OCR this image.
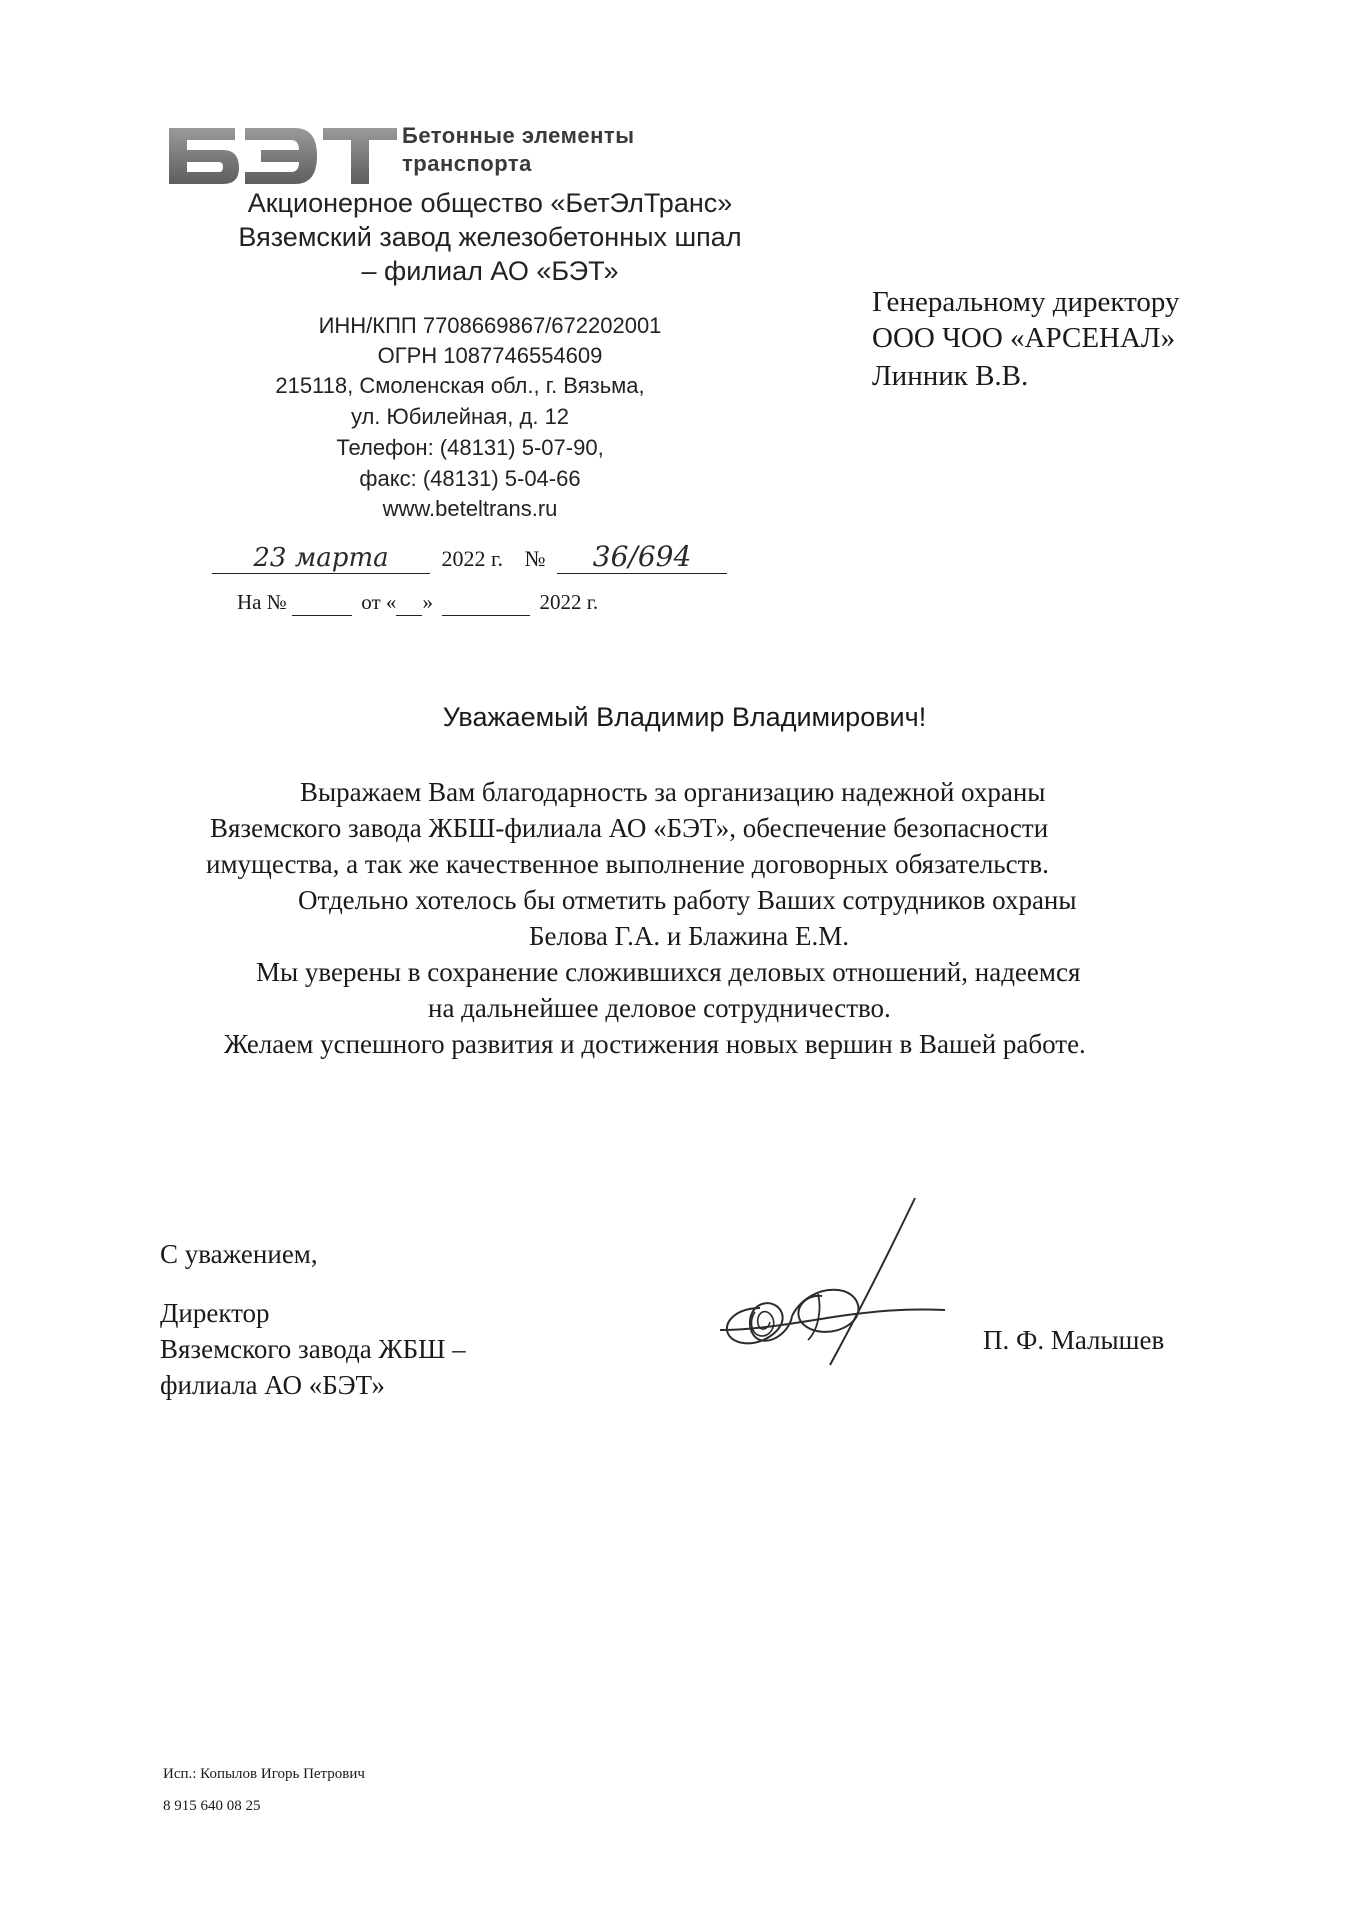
Бетонные элементы
транспорта
Акционерное общество «БетЭлТранс»
Вяземский завод железобетонных шпал
– филиал АО «БЭТ»
ИНН/КПП 7708669867/672202001
ОГРН 1087746554609
215118, Смоленская обл., г. Вязьма,
ул. Юбилейная, д. 12
Телефон: (48131) 5-07-90,
факс: (48131) 5-04-66
www.beteltrans.ru
23 марта 2022 г. № 36/694
На №	от « »	2022 г.
Генеральному директору
ООО ЧОО «АРСЕНАЛ»
Линник В.В.
Уважаемый Владимир Владимирович!
Выражаем Вам благодарность за организацию надежной охраны
Вяземского завода ЖБШ-филиала АО «БЭТ», обеспечение безопасности
имущества, а так же качественное выполнение договорных обязательств.
Отдельно хотелось бы отметить работу Ваших сотрудников охраны
Белова Г.А. и Блажина Е.М.
Мы уверены в сохранение сложившихся деловых отношений, надеемся
на дальнейшее деловое сотрудничество.
Желаем успешного развития и достижения новых вершин в Вашей работе.
С уважением,
Директор
Вяземского завода ЖБШ –
филиала АО «БЭТ»
П. Ф. Малышев
Исп.: Копылов Игорь Петрович
8 915 640 08 25
